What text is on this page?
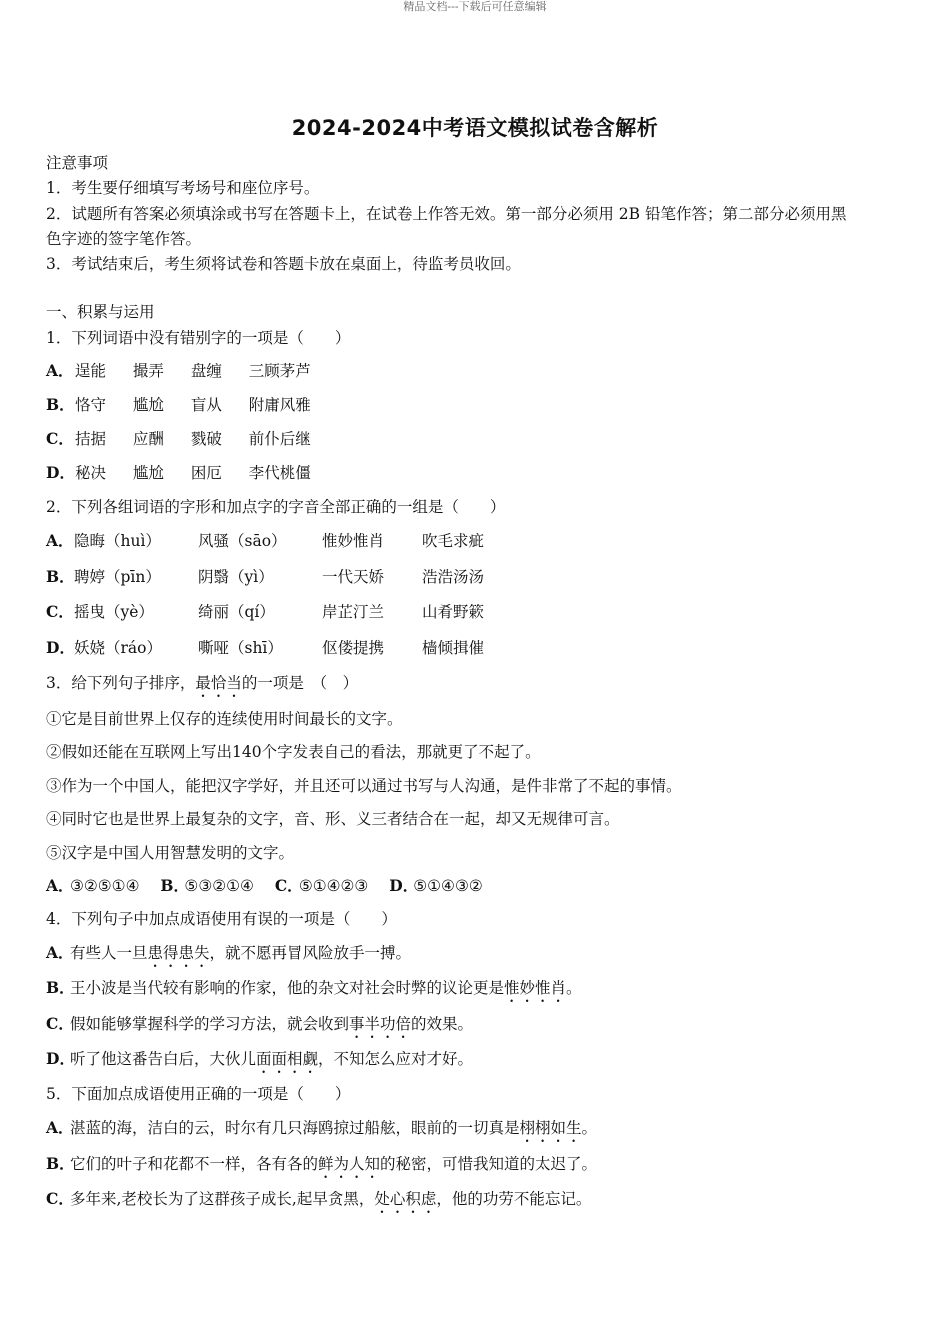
精品文档---下载后可任意编辑
2024-2024中考语文模拟试卷含解析
注意事项
1．考生要仔细填写考场号和座位序号。
2．试题所有答案必须填涂或书写在答题卡上，在试卷上作答无效。第一部分必须用 2B 铅笔作答；第二部分必须用黑
色字迹的签字笔作答。
3．考试结束后，考生须将试卷和答题卡放在桌面上，待监考员收回。
一、积累与运用
1．下列词语中没有错别字的一项是（　　）
A． 逞能 撮弄 盘缠 三顾茅芦
B． 恪守 尴尬 盲从 附庸风雅
C． 拮据 应酬 戮破 前仆后继
D． 秘决 尴尬 困厄 李代桃僵
2．下列各组词语的字形和加点字的字音全部正确的一组是（　　）
A． 隐晦（huì） 风骚（sāo） 惟妙惟肖 吹毛求疵
B． 聘婷（pīn） 阴翳（yì）	一代天娇 浩浩汤汤
C． 摇曳（yè）	绮丽（qí）	岸芷汀兰 山肴野簌
D． 妖娆（ráo） 嘶哑（shī）	伛偻提携 樯倾揖催
3．给下列句子排序，最恰当的一项是　（　）
①它是目前世界上仅存的连续使用时间最长的文字。
②假如还能在互联网上写出140个字发表自己的看法，那就更了不起了。
③作为一个中国人，能把汉字学好，并且还可以通过书写与人沟通，是件非常了不起的事情。
④同时它也是世界上最复杂的文字，音、形、义三者结合在一起，却又无规律可言。
⑤汉字是中国人用智慧发明的文字。
A．③②⑤①④ B．⑤③②①④ C．⑤①④②③ D．⑤①④③②
4．下列句子中加点成语使用有误的一项是（　　）
A．有些人一旦患得患失，就不愿再冒风险放手一搏。
B．王小波是当代较有影响的作家，他的杂文对社会时弊的议论更是惟妙惟肖。
C．假如能够掌握科学的学习方法，就会收到事半功倍的效果。
D．听了他这番告白后，大伙儿面面相觑，不知怎么应对才好。
5．下面加点成语使用正确的一项是（　　）
A．湛蓝的海，洁白的云，时尔有几只海鸥掠过船舷，眼前的一切真是栩栩如生。
B．它们的叶子和花都不一样，各有各的鲜为人知的秘密，可惜我知道的太迟了。
C．多年来,老校长为了这群孩子成长,起早贪黑，处心积虑，他的功劳不能忘记。
